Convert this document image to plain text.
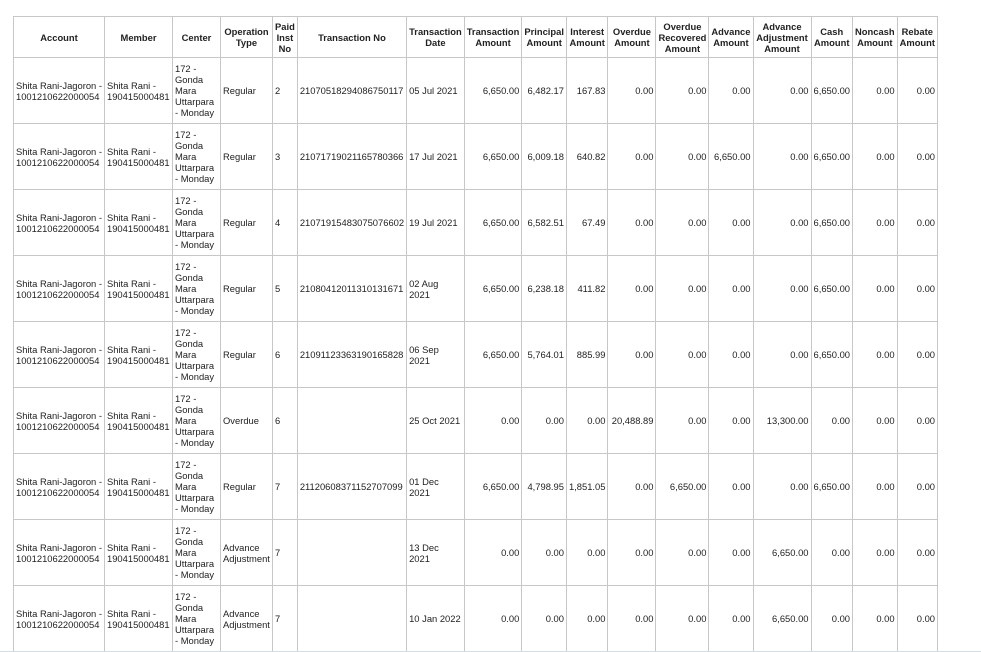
Account	Member	Center	Operation Type	Paid Inst No	Transaction No	Transaction Date	Transaction Amount	Principal Amount	Interest Amount	Overdue Amount	Overdue Recovered Amount	Advance Amount	Advance Adjustment Amount	Cash Amount	Noncash Amount	Rebate Amount
Shita Rani-Jagoron - 1001210622000054	Shita Rani - 190415000481	172 - Gonda Mara Uttarpara - Monday	Regular	2	21070518294086750117	05 Jul 2021	6,650.00	6,482.17	167.83	0.00	0.00	0.00	0.00	6,650.00	0.00	0.00
Shita Rani-Jagoron - 1001210622000054	Shita Rani - 190415000481	172 - Gonda Mara Uttarpara - Monday	Regular	3	21071719021165780366	17 Jul 2021	6,650.00	6,009.18	640.82	0.00	0.00	6,650.00	0.00	6,650.00	0.00	0.00
Shita Rani-Jagoron - 1001210622000054	Shita Rani - 190415000481	172 - Gonda Mara Uttarpara - Monday	Regular	4	21071915483075076602	19 Jul 2021	6,650.00	6,582.51	67.49	0.00	0.00	0.00	0.00	6,650.00	0.00	0.00
Shita Rani-Jagoron - 1001210622000054	Shita Rani - 190415000481	172 - Gonda Mara Uttarpara - Monday	Regular	5	21080412011310131671	02 Aug 2021	6,650.00	6,238.18	411.82	0.00	0.00	0.00	0.00	6,650.00	0.00	0.00
Shita Rani-Jagoron - 1001210622000054	Shita Rani - 190415000481	172 - Gonda Mara Uttarpara - Monday	Regular	6	21091123363190165828	06 Sep 2021	6,650.00	5,764.01	885.99	0.00	0.00	0.00	0.00	6,650.00	0.00	0.00
Shita Rani-Jagoron - 1001210622000054	Shita Rani - 190415000481	172 - Gonda Mara Uttarpara - Monday	Overdue	6		25 Oct 2021	0.00	0.00	0.00	20,488.89	0.00	0.00	13,300.00	0.00	0.00	0.00
Shita Rani-Jagoron - 1001210622000054	Shita Rani - 190415000481	172 - Gonda Mara Uttarpara - Monday	Regular	7	21120608371152707099	01 Dec 2021	6,650.00	4,798.95	1,851.05	0.00	6,650.00	0.00	0.00	6,650.00	0.00	0.00
Shita Rani-Jagoron - 1001210622000054	Shita Rani - 190415000481	172 - Gonda Mara Uttarpara - Monday	Advance Adjustment	7		13 Dec 2021	0.00	0.00	0.00	0.00	0.00	0.00	6,650.00	0.00	0.00	0.00
Shita Rani-Jagoron - 1001210622000054	Shita Rani - 190415000481	172 - Gonda Mara Uttarpara - Monday	Advance Adjustment	7		10 Jan 2022	0.00	0.00	0.00	0.00	0.00	0.00	6,650.00	0.00	0.00	0.00
